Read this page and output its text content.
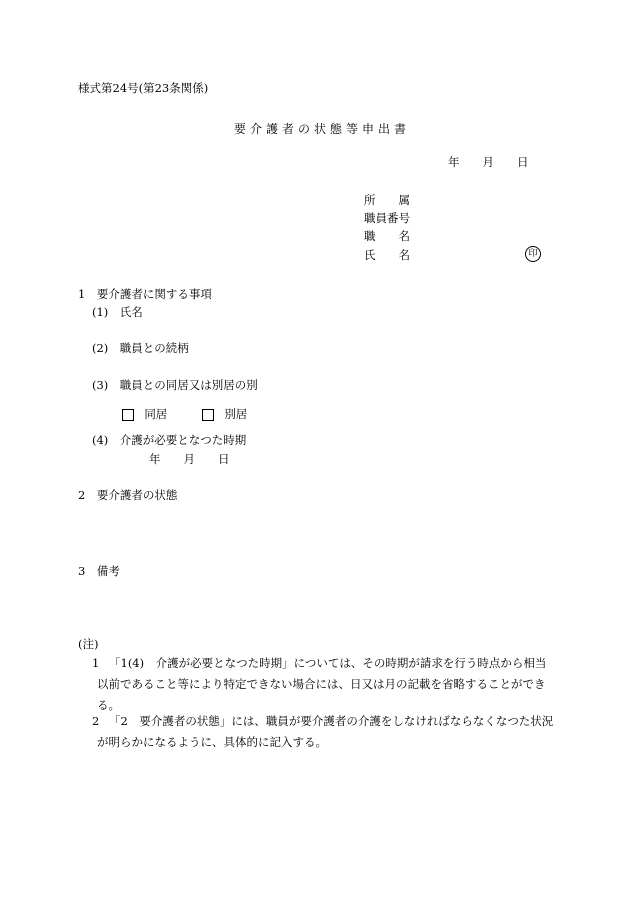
様式第24号(第23条関係)
要介護者の状態等申出書
年　　月　　日
所　　属
職員番号
職　　名
氏　　名	印
1　要介護者に関する事項
(1)　氏名
(2)　職員との続柄
(3)　職員との同居又は別居の別

同居	別居

(4)　介護が必要となつた時期
年　　月　　日
2　要介護者の状態
3　備考
(注)
1 「1(4)　介護が必要となつた時期」については、その時期が請求を行う時点から相当以前であること等により特定できない場合には、日又は月の記載を省略することができる。
2 「2　要介護者の状態」には、職員が要介護者の介護をしなければならなくなつた状況が明らかになるように、具体的に記入する。
